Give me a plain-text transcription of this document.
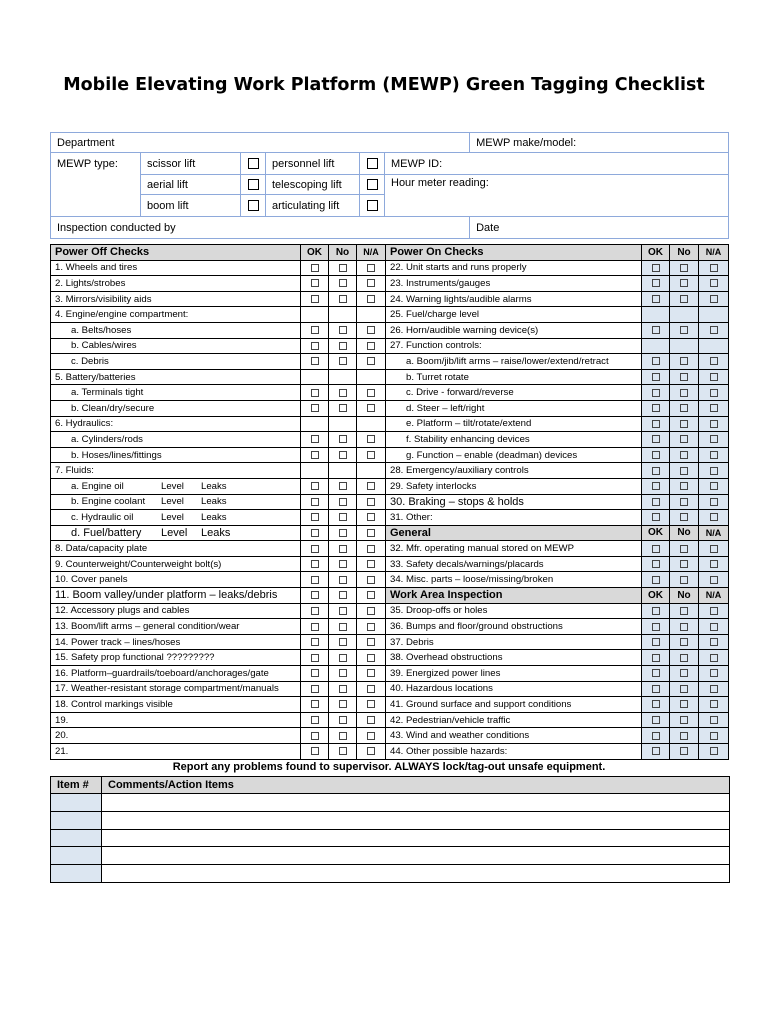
Mobile Elevating Work Platform (MEWP) Green Tagging Checklist
Department						MEWP make/model:
MEWP type:	scissor lift		personnel lift		MEWP ID:	
	aerial lift		telescoping lift		Hour meter reading:	
	boom lift		articulating lift			
Inspection conducted by						Date
Power Off Checks	OK	No	N/A	Power On Checks	OK	No	N/A
1. Wheels and tires				22. Unit starts and runs properly			
2. Lights/strobes				23. Instruments/gauges			
3. Mirrors/visibility aids				24. Warning lights/audible alarms			
4. Engine/engine compartment:				25. Fuel/charge level			
a. Belts/hoses				26. Horn/audible warning device(s)			
b. Cables/wires				27. Function controls:			
c. Debris				a. Boom/jib/lift arms – raise/lower/extend/retract			
5. Battery/batteries				b. Turret rotate			
a. Terminals tight				c. Drive - forward/reverse			
b. Clean/dry/secure				d. Steer – left/right			
6. Hydraulics:				e. Platform – tilt/rotate/extend			
a. Cylinders/rods				f. Stability enhancing devices			
b. Hoses/lines/fittings				g. Function – enable (deadman) devices			
7. Fluids:				28. Emergency/auxiliary controls			
a. Engine oil Level Leaks				29. Safety interlocks			
b. Engine coolant Level Leaks				30. Braking – stops & holds			
c. Hydraulic oil Level Leaks				31. Other:			
d. Fuel/battery Level Leaks				General	OK	No	N/A
8. Data/capacity plate				32. Mfr. operating manual stored on MEWP			
9. Counterweight/Counterweight bolt(s)				33. Safety decals/warnings/placards			
10. Cover panels				34. Misc. parts – loose/missing/broken			
11. Boom valley/under platform – leaks/debris				Work Area Inspection	OK	No	N/A
12. Accessory plugs and cables				35. Droop-offs or holes			
13. Boom/lift arms – general condition/wear				36. Bumps and floor/ground obstructions			
14. Power track – lines/hoses				37. Debris			
15. Safety prop functional ?????????				38. Overhead obstructions			
16. Platform–guardrails/toeboard/anchorages/gate				39. Energized power lines			
17. Weather-resistant storage compartment/manuals				40. Hazardous locations			
18. Control markings visible				41. Ground surface and support conditions			
19.				42. Pedestrian/vehicle traffic			
20.				43. Wind and weather conditions			
21.				44. Other possible hazards:			
Report any problems found to supervisor. ALWAYS lock/tag-out unsafe equipment.
Item #	Comments/Action Items
